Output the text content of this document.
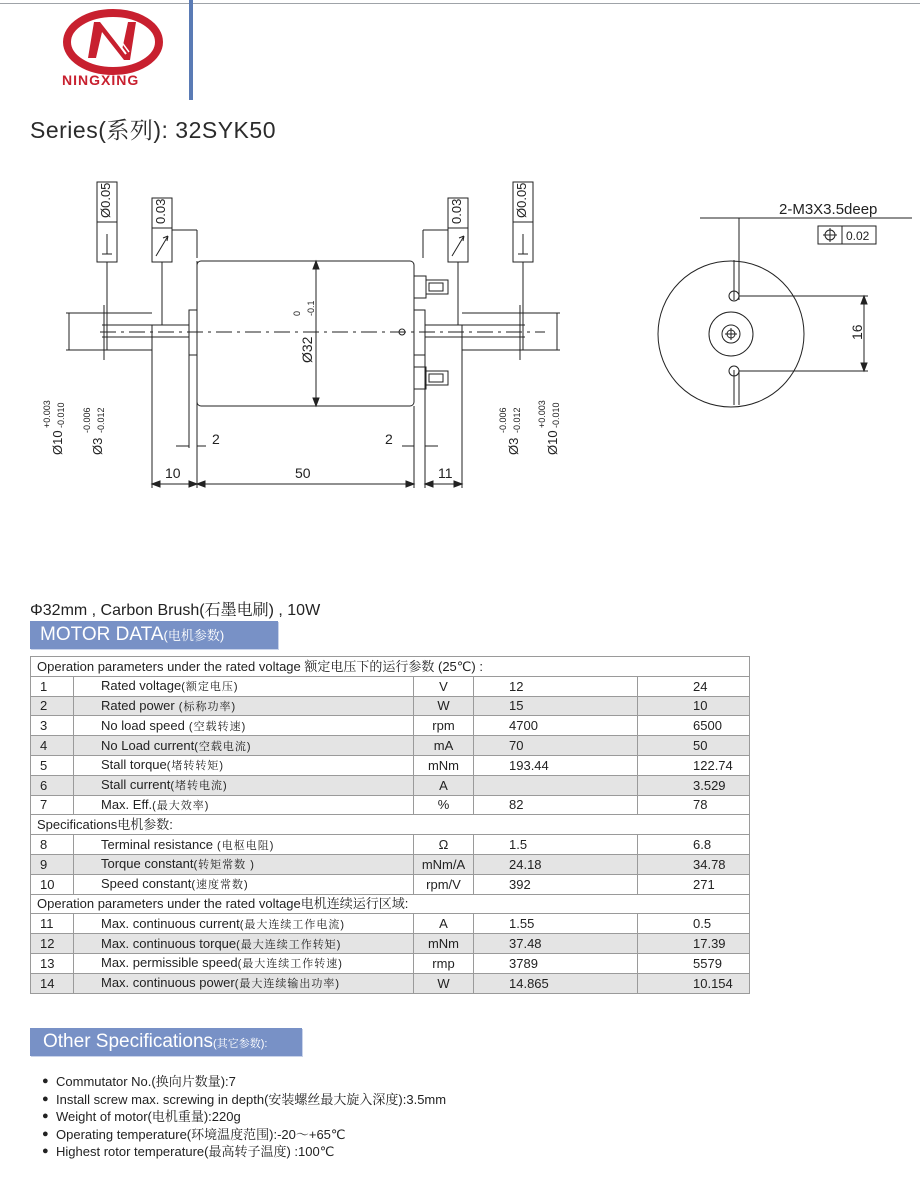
NINGXING
Series(系列): 32SYK50
Ø0.05	0.03	0.03	Ø0.05
Ø32
0 -0.1
Ø10
+0.003 -0.010
Ø3
-0.006 -0.012
Ø3
-0.006 -0.012
Ø10
+0.003 -0.010
2	2
10	50	11
16
2-M3X3.5deep
0.02
Φ32mm , Carbon Brush(石墨电刷) , 10W
MOTOR DATA(电机参数)
Operation parameters under the rated voltage 额定电压下的运行参数 (25℃) :				
1	Rated voltage(额定电压)	V	12	24
2	Rated power (标称功率)	W	15	10
3	No load speed (空载转速)	rpm	4700	6500
4	No Load current(空载电流)	mA	70	50
5	Stall torque(堵转转矩)	mNm	193.44	122.74
6	Stall current(堵转电流)	A		3.529
7	Max. Eff.(最大效率)	%	82	78
Specifications电机参数:				
8	Terminal resistance (电枢电阻)	Ω	1.5	6.8
9	Torque constant(转矩常数 )	mNm/A	24.18	34.78
10	Speed constant(速度常数)	rpm/V	392	271
Operation parameters under the rated voltage电机连续运行区域:				
11	Max. continuous current(最大连续工作电流)	A	1.55	0.5
12	Max. continuous torque(最大连续工作转矩)	mNm	37.48	17.39
13	Max. permissible speed(最大连续工作转速)	rmp	3789	5579
14	Max. continuous power(最大连续输出功率)	W	14.865	10.154
Other Specifications(其它参数):
● Commutator No.(换向片数量):7
● Install screw max. screwing in depth(安装螺丝最大旋入深度):3.5mm
● Weight of motor(电机重量):220g
● Operating temperature(环境温度范围):-20～+65℃
● Highest rotor temperature(最高转子温度) :100℃
